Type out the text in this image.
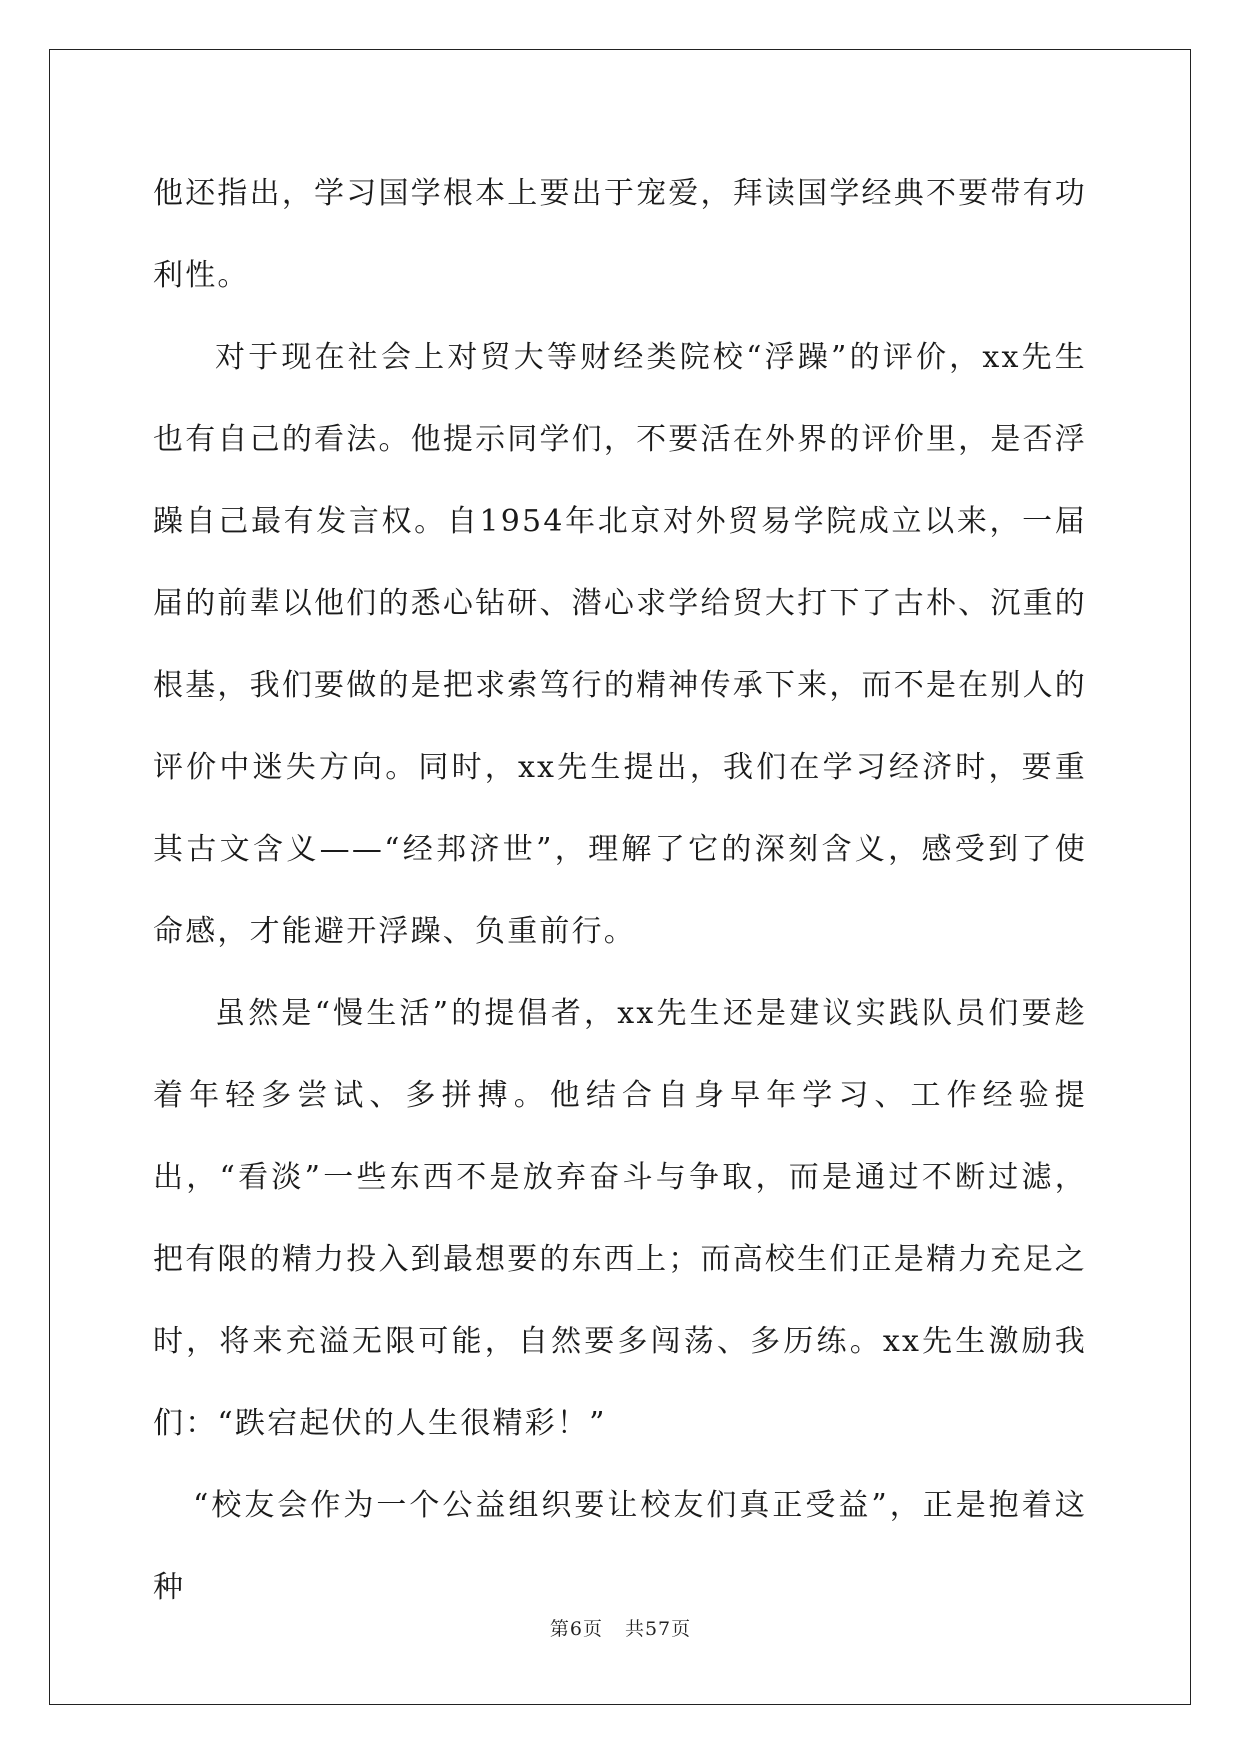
他还指出，学习国学根本上要出于宠爱，拜读国学经典不要带有功利性。

对于现在社会上对贸大等财经类院校“浮躁”的评价，xx先生也有自己的看法。他提示同学们，不要活在外界的评价里，是否浮躁自己最有发言权。自1954年北京对外贸易学院成立以来，一届届的前辈以他们的悉心钻研、潜心求学给贸大打下了古朴、沉重的根基，我们要做的是把求索笃行的精神传承下来，而不是在别人的评价中迷失方向。同时，xx先生提出，我们在学习经济时，要重其古文含义——“经邦济世”，理解了它的深刻含义，感受到了使命感，才能避开浮躁、负重前行。

虽然是“慢生活”的提倡者，xx先生还是建议实践队员们要趁着年轻多尝试、多拼搏。他结合自身早年学习、工作经验提出，“看淡”一些东西不是放弃奋斗与争取，而是通过不断过滤，把有限的精力投入到最想要的东西上；而高校生们正是精力充足之时，将来充溢无限可能，自然要多闯荡、多历练。xx先生激励我们：“跌宕起伏的人生很精彩！”

“校友会作为一个公益组织要让校友们真正受益”，正是抱着这种

第6页 共57页
